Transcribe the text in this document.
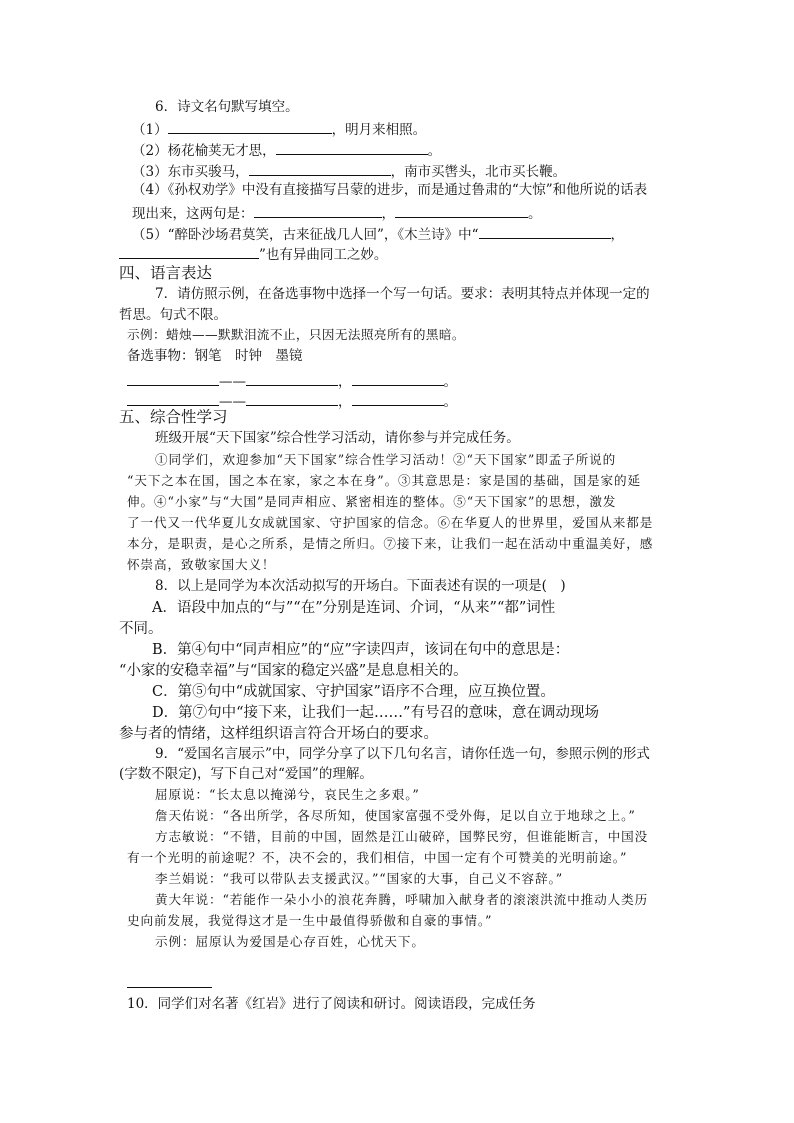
6．诗文名句默写填空。
（1）	，明月来相照。
（2）杨花榆荚无才思，	。
（3）东市买骏马，	，南市买辔头，北市买长鞭。
（4）《孙权劝学》中没有直接描写吕蒙的进步，而是通过鲁肃的“大惊”和他所说的话表
现出来，这两句是：	，	。
（5）“醉卧沙场君莫笑，古来征战几人回”，《木兰诗》中“	，
”也有异曲同工之妙。
四、语言表达
7．请仿照示例，在备选事物中选择一个写一句话。要求：表明其特点并体现一定的
哲思。句式不限。
示例：蜡烛——默默泪流不止，只因无法照亮所有的黑暗。
备选事物：钢笔　时钟　墨镜
——	，	。
——	，	。
五、综合性学习
班级开展“天下国家”综合性学习活动，请你参与并完成任务。
①同学们，欢迎参加“天下国家”综合性学习活动！②“天下国家”即孟子所说的
“天下之本在国，国之本在家，家之本在身”。③其意思是：家是国的基础，国是家的延
伸。④“小家”与“大国”是同声相应、紧密相连的整体。⑤“天下国家”的思想，激发
了一代又一代华夏儿女成就国家、守护国家的信念。⑥在华夏人的世界里，爱国从来都是
本分，是职责，是心之所系，是情之所归。⑦接下来，让我们一起在活动中重温美好，感
怀崇高，致敬家国大义！
8．以上是同学为本次活动拟写的开场白。下面表述有误的一项是(　)
A．语段中加点的“与”“在”分别是连词、介词，“从来”“都”词性
不同。
B．第④句中“同声相应”的“应”字读四声，该词在句中的意思是：
“小家的安稳幸福”与“国家的稳定兴盛”是息息相关的。
C．第⑤句中“成就国家、守护国家”语序不合理，应互换位置。
D．第⑦句中“接下来，让我们一起……”有号召的意味，意在调动现场
参与者的情绪，这样组织语言符合开场白的要求。
9．“爱国名言展示”中，同学分享了以下几句名言，请你任选一句，参照示例的形式
(字数不限定)，写下自己对“爱国”的理解。
屈原说：“长太息以掩涕兮，哀民生之多艰。”
詹天佑说：“各出所学，各尽所知，使国家富强不受外侮，足以自立于地球之上。”
方志敏说：“不错，目前的中国，固然是江山破碎，国弊民穷，但谁能断言，中国没
有一个光明的前途呢？不，决不会的，我们相信，中国一定有个可赞美的光明前途。”
李兰娟说：“我可以带队去支援武汉。”“国家的大事，自己义不容辞。”
黄大年说：“若能作一朵小小的浪花奔腾，呼啸加入献身者的滚滚洪流中推动人类历
史向前发展，我觉得这才是一生中最值得骄傲和自豪的事情。”
示例：屈原认为爱国是心存百姓，心忧天下。
10．同学们对名著《红岩》进行了阅读和研讨。阅读语段，完成任务
